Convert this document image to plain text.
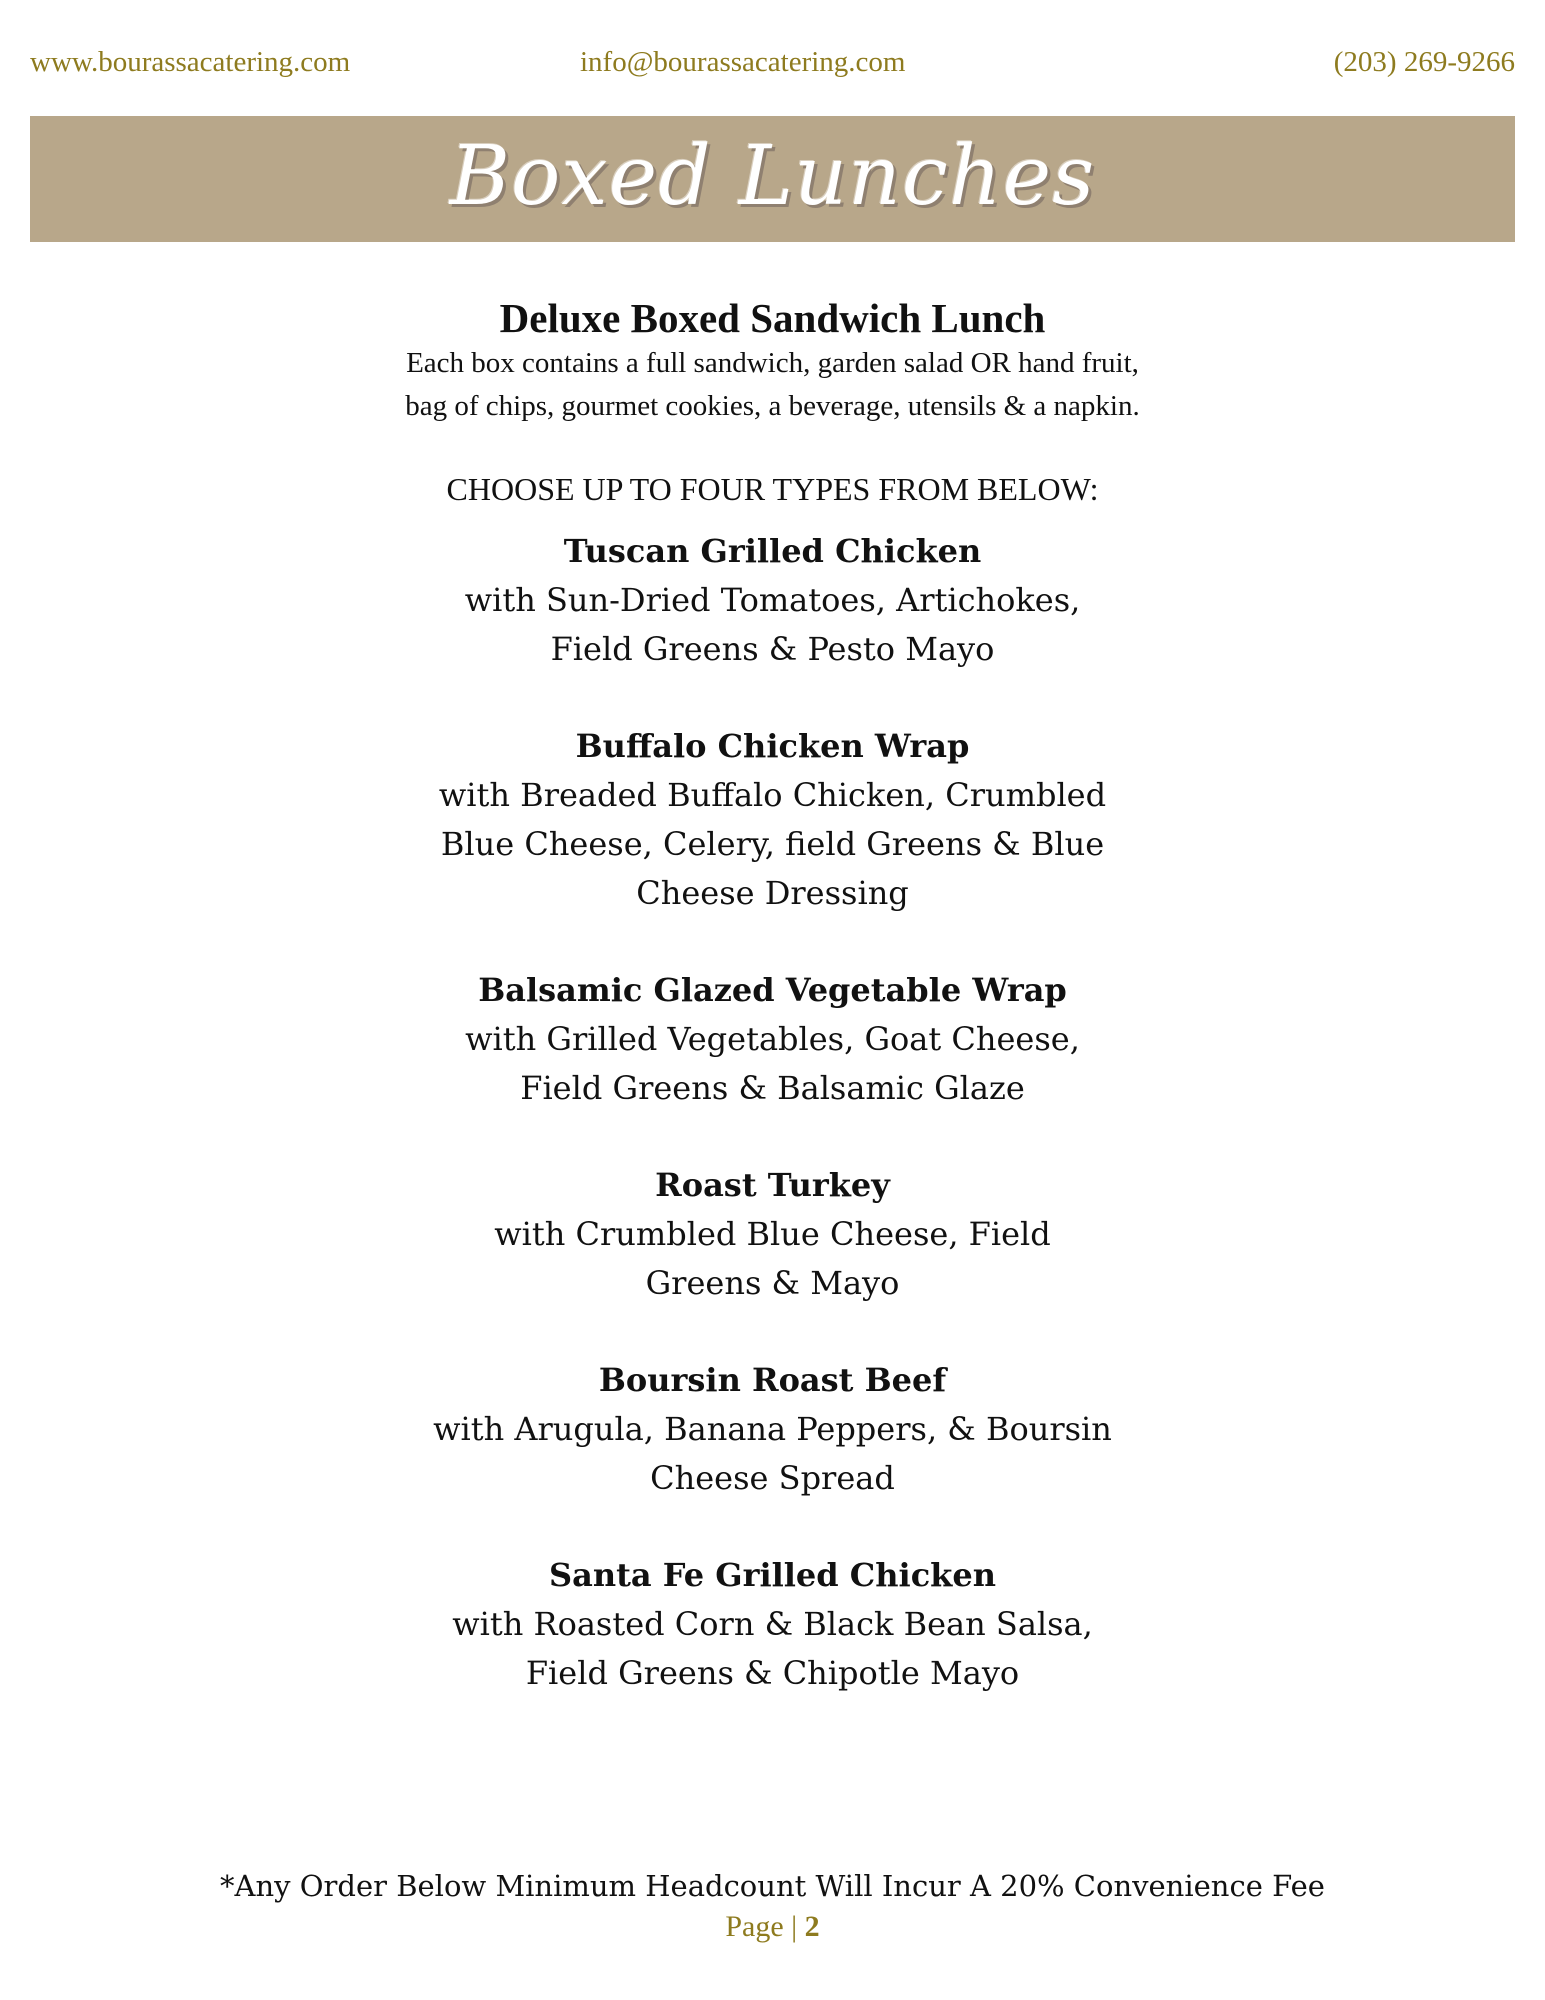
www.bourassacatering.com	info@bourassacatering.com	(203) 269-9266
Boxed Lunches
Deluxe Boxed Sandwich Lunch
Each box contains a full sandwich, garden salad OR hand fruit,
bag of chips, gourmet cookies, a beverage, utensils & a napkin.
CHOOSE UP TO FOUR TYPES FROM BELOW:
Tuscan Grilled Chicken
with Sun-Dried Tomatoes, Artichokes,
Field Greens & Pesto Mayo
Buffalo Chicken Wrap
with Breaded Buffalo Chicken, Crumbled
Blue Cheese, Celery, field Greens & Blue
Cheese Dressing
Balsamic Glazed Vegetable Wrap
with Grilled Vegetables, Goat Cheese,
Field Greens & Balsamic Glaze
Roast Turkey
with Crumbled Blue Cheese, Field
Greens & Mayo
Boursin Roast Beef
with Arugula, Banana Peppers, & Boursin
Cheese Spread
Santa Fe Grilled Chicken
with Roasted Corn & Black Bean Salsa,
Field Greens & Chipotle Mayo
*Any Order Below Minimum Headcount Will Incur A 20% Convenience Fee
Page | 2
